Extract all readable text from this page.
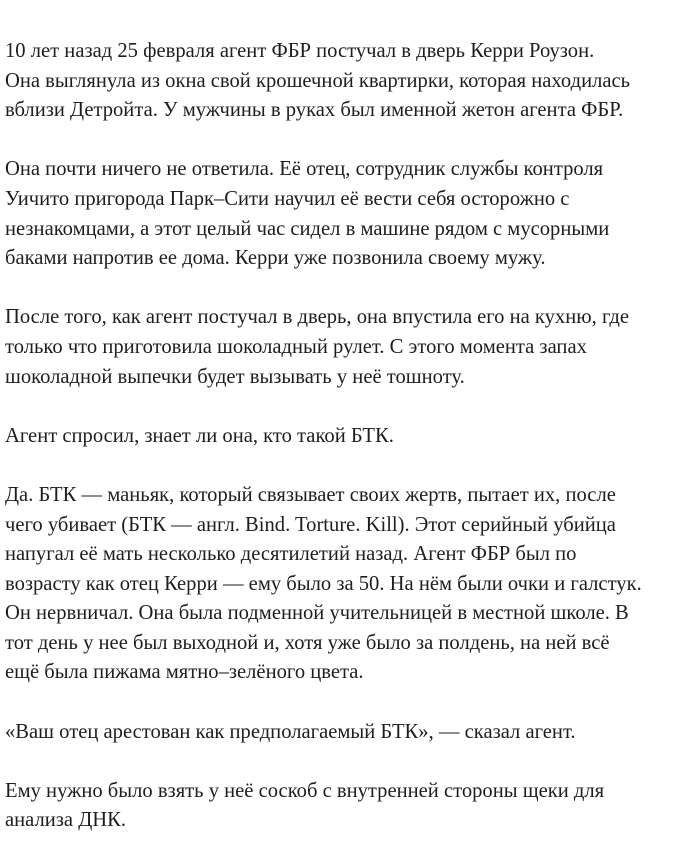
10 лет назад 25 февраля агент ФБР постучал в дверь Керри Роузон.
Она выглянула из окна свой крошечной квартирки, которая находилась
вблизи Детройта. У мужчины в руках был именной жетон агента ФБР.

Она почти ничего не ответила. Её отец, сотрудник службы контроля
Уичито пригорода Парк–Сити научил её вести себя осторожно с
незнакомцами, а этот целый час сидел в машине рядом с мусорными
баками напротив ее дома. Керри уже позвонила своему мужу.

После того, как агент постучал в дверь, она впустила его на кухню, где
только что приготовила шоколадный рулет. С этого момента запах
шоколадной выпечки будет вызывать у неё тошноту.

Агент спросил, знает ли она, кто такой БТК.

Да. БТК — маньяк, который связывает своих жертв, пытает их, после
чего убивает (БТК — англ. Bind. Torture. Kill). Этот серийный убийца
напугал её мать несколько десятилетий назад. Агент ФБР был по
возрасту как отец Керри — ему было за 50. На нём были очки и галстук.
Он нервничал. Она была подменной учительницей в местной школе. В
тот день у нее был выходной и, хотя уже было за полдень, на ней всё
ещё была пижама мятно–зелёного цвета.

«Ваш отец арестован как предполагаемый БТК», — сказал агент.

Ему нужно было взять у неё соскоб с внутренней стороны щеки для
анализа ДНК.
